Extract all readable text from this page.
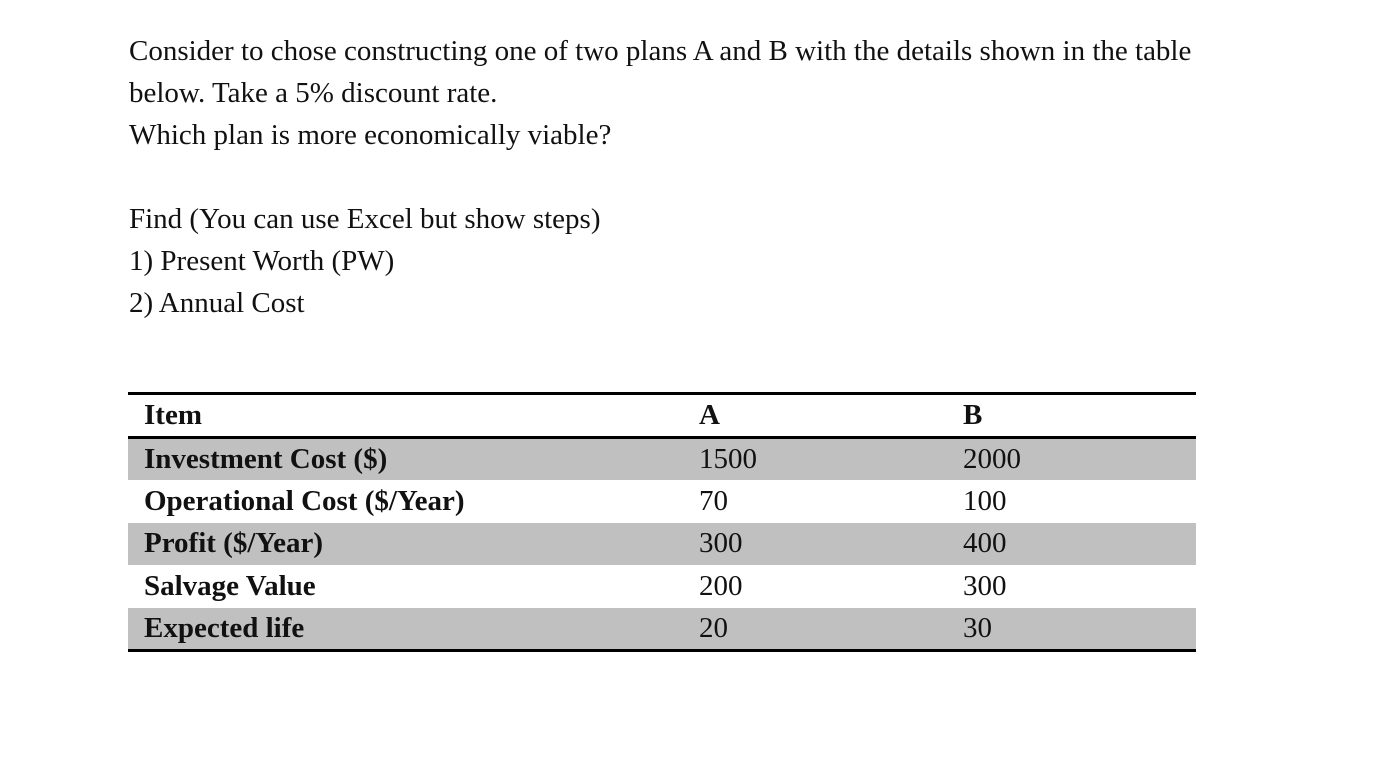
Consider to chose constructing one of two plans A and B with the details shown in the table

below. Take a 5% discount rate.

Which plan is more economically viable?

Find (You can use Excel but show steps)

1) Present Worth (PW)

2) Annual Cost

Item	A	B
Investment Cost ($)	1500	2000
Operational Cost ($/Year)	70	100
Profit ($/Year)	300	400
Salvage Value	200	300
Expected life	20	30
